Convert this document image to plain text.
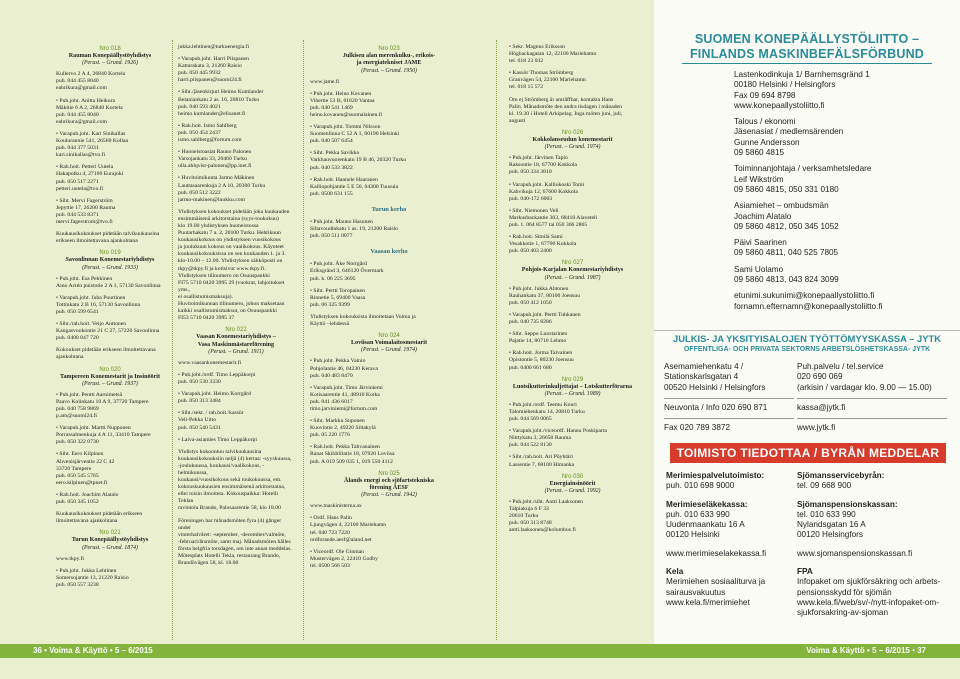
Nro 018
Rauman Konepäällystöyhdistys
(Perust. – Grund. 1926)

Kullervo 2 A 4, 26840 Kortela

puh. 044 455 8040

eahrikura@gmail.com

• Puh.joht. Anitta Heikura

Mäkitie 6 A 2, 26840 Kortela

puh. 044 455 8040

eahrikura@gmail.com

• Varapuh.joht. Kari Sinikallas

Koulurannie 541, 26560 Kollaa

puh. 044 377 5031

kari.sinikallas@tvo.fi

• Rah.hoit. Petteri Uutela

Hakapolku 4, 27100 Eurajoki

puh. 050 517 2271

petteri.uutela@tvo.fi

• Siht. Mervi Fagerström

Jepyttie 17, 26200 Rauma

puh. 044 533 8371

mervi.fagerstrom@tvo.fi

Kuukausikokoukset pidetään talvikuukausina

erikseen ilmoitettavana ajankohtana

Nro 019
Savonlinnan Konemestariyhdistys
(Perust. – Grund. 1933)

• Puh.joht. Esa Pekkinen

Aino Actén puistotie 2 A 1, 57130 Savonlinna

• Varapuh.joht. Juha Puurtinen

Tottinkatu 2 B 16, 57130 Savonlinna

puh. 050 599 6541

• Siht./rah.hoit. Veijo Anttonen

Kangasvuokontie 21 C 27, 57220 Savonlinna

puh. 0400 847 720

Kokoukset pidetään erikseen ilmoitettavana

ajankohtana

Nro 020
Tampereen Konemestarit ja Insinöörit
(Perust. – Grund. 1937)

• Puh.joht. Pentti Aarnimetsä

Paavo Kolinkatu 10 A 9, 37720 Tampere

puh. 040 758 9869

p.am@suomi24.fi

• Varapuh.joht. Martti Nupponen

Porrassalmenkuja 4 A 11, 33410 Tampere

puh. 050 322 0730

• Siht. Eero Kilpinen

Ahvenisjärventie 22 C 42

33720 Tampere

puh. 050 545 5765

eero.kilpinen@tpnet.fi

• Rah.hoit. Joachim Alatalo

puh. 050 345 1052

Kuukausikokoukset pidetään erikseen

ilmoitettavana ajankohtana

Nro 021
Turun Konepäällystöyhdistys
(Perust. – Grund. 1874)

www.tkpy.fi

• Puh.joht. Jukka Lehtinen

Somersojantie 13, 21220 Raisio

puh. 050 557 3238

jukka.lehtinen@turkuenergia.fi

• Varapuh.joht. Harri Piispanen

Kattarakatu 3, 21260 Raisio

puh. 050 445 9932

harri.piispanen@suomi24.fi

• Siht./jäsenkirjuri Heimo Kumlander

Betaniankatu 2 as. 16, 20810 Turku

puh. 040 593 4021

heimo.kumlander@elisanet.fi

• Rah.hoit. Ismo Sahlberg

puh. 050 454 2437

ismo.sahlberg@fortum.com

• Huoneistoasiat Rauno Palonen

Varsojankatu 33, 20460 Turku

ulla.ahlqvist-palonen@pp.inet.fi

• Huvitoimikunta Jarmo Mäkinen

Lauttasaarenkuja 2 A 10, 20300 Turku

puh. 050 512 3222

jarmo-makinen@luukku.com

Yhdistyksen kokoukset pidetään joka kuukauden

ensimmäisenä arkitorstaina (syys-toukokuu)

klo 19.00 yhdistyksen huoneistossa

Puutarhakatu 7 a. 2, 20100 Turku. Hehtikuun

kuukausikokous on yhdistyksen vuosikokous

ja joulukuun kokous on vaalikokous. Käynteet

kuukausikokouksissa on sen kuukauden 1. ja 3.

klo-10.00 – 12.00. Yhdistyksen sähköposti on

tkpy@tkpy.fi ja kotisivut www.tkpy.fi.

Yhdistyksen tilinumero on Osuuspankki

FI75 5710 0420 3995 29 (vuokrat, lahjoitukset yms.,

ei osallistumismaksuja).

Huvitoimikunnan tilinumero, johon maksetaan

kaikki osallistumismaksut, on Osuuspankki

FI53 5710 0420 3995 37

Nro 022
Vaasan Konemestariyhdistys –
Vasa Maskinmästareförening
(Perust. – Grund. 1911)

www.vaasankonemestarit.fi

• Puh.joht./ordf. Timo Leppäkorpi

puh. 050 530 3330

• Varapuh.joht. Heimo Korrgård

puh. 050 313 3484

• Siht./sekr. / rah.hoit./kassör

Veli-Pekka Uitto

puh. 050 540 5431

• Laiva-asiamies Timo Leppäkorpi

Yhdistys kokoontuu talvikuukausina

kuukausikokouksiin neljä (4) kertaa: -syyskuussa,

-joulukuussa, kuukausi/vaalikokous, -helmikuussa,

kuukausi/vuosikokous sekä toukokuussa, em.

kokouskuukausien ensimmäisenä arkitorstaina,

ellei toisin ilmoiteta. Kokouspaikka: Hotelli Teklan

ravintola Brando, Palosaarentie 58, klo 18.00

Föreningen har månadsmöten fyra (4) gånger under

vinterhalvåret: -september, -december/valmöte,

-februari/årsmöte, samt maj. Månadsmöten hålles

första helgfria torsdagen, om inte annat meddelas.

Mötesplats Hotelli Tekla, restaurang Brando,

Brandövägen 58, kl. 18.00

Nro 023
Julkisen alan merenkulku-, erikois-
ja energiatekniset JAME
(Perust. – Grund. 1950)

www.jame.fi

• Puh.joht. Heino Kovanen

Vihertie 53 B, 01620 Vantaa

puh. 040 541 1469

heino.kovanen@suomalainen.fi

• Varapuh.joht. Tommi Nilsson

Suomenlinna C 52 A 1, 00190 Helsinki

puh. 040 507 6454

• Siht. Pekka Savikko

Varkhauvuorenkatu 19 B 46, 20320 Turku

puh. 040 533 3822

• Rah.hoit. Hannele Haaranen

Kalliopohjantie 5 E 50, 04300 Tuusula

puh. 0500 631 155

Turun kerho

• Puh.joht. Mauno Hasunen

Siltavoudinkatu 1 as. 19, 21200 Raisio

puh. 050 511 0077

Vaasan kerho

• Puh.joht. Åke Norrgård

Eriksgränd 3, 646120 Övermark

puh. k. 06 225 3695

• Siht. Pertti Toropainen

Rinnetie 5, 69400 Vaasa

puh. 06 325 9399

Yhdistyksen kokouksista ilmoitetaan Voima ja

Käyttö –lehdessä

Nro 024
Loviisan Voimalaitosmestarit
(Perust. – Grund. 1974)

• Puh.joht. Pekka Vainio

Pohjolantie 46, 04230 Kerava

puh. 040 483 8470

• Varapuh.joht. Timo Järviniemi

Kotisaarentie 41, 48910 Kotka

puh. 041 436 6017

timo.jarviniemi@fortum.com

• Siht. Markku Suponen

Kuovintie 2, 49220 Siltakylä

puh. 05 220 1776

• Rah.hoit. Pekka Tahvanainen

Ranat Skildrilintie 18, 07920 Loviisa

puh. A 019 509 035 1, 019 550 4112

Nro 025
Ålands energi och sjöfartstekniska
förening ÅESF
(Perust. – Grund. 1942)

www.maskinisterna.ax

• Ordf. Hans Palin

Ljungvägen 4, 22100 Mariehamn

tel. 040 723 7220

ordforande.aesf@aland.net

• Viceordf. Ole Ginman

Mustervägen 2, 22410 Godby

tel. 0500 566 503

• Sekr. Magnus Eriksson

Högbackagatan 12, 22100 Mariehamn

tel. 018 23 032

• Kassör Thomas Strömberg

Granvägen 54, 22100 Mariehamn

tel. 018 15 572

Om ej Strömberg är anträffbar, kontakta Hans

Palin. Månadsmöte den andra tisdagen i månaden

kl. 19.30 i Hotell Arkipelag. Inga möten juni, juli,

augusti

Nro 026
Kokkolanseudun konemestarit
(Perust. – Grund. 1974)

• Puh.joht. Järvinen Tapio

Raksontie 18, 67700 Kokkola

puh. 050 334 3810

• Varapuh.joht. Kalliokoski Tomi

Kahvikuja 12, 67600 Kokkola

puh. 040-172 6003

• Siht. Niemonen Veli

Markusbackantie 303, 68410 Alaveteli

puh. 1. 064 8577 tai 050 366 2805

• Rah.hoit. Similä Sami

Vesakkotie 1, 67700 Kokkola

puh. 050 403 2400

Nro 027
Pohjois-Karjalan Konemestariyhdistys
(Perust. – Grund. 1987)

• Puh.joht. Jukka Ahtonen

Rauhankatu 37, 80100 Joensuu

puh. 050 412 1050

• Varapuh.joht. Pertti Tuhkanen

puh. 040 735 8286

• Siht. Seppo Luostarinen

Pajatie 14, 80710 Lehmo

• Rah.hoit. Jorma Taivainen

Opistontie 5, 80230 Joensuu

puh. 0400 661 680

Nro 029
Luotsikutterinkuljettajat – Lotskutterförarna
(Perust. – Grund. 1989)

• Puh.joht./ordf. Teemu Kouri

Talomiehenkatu 14, 20810 Turku

puh. 044 569 0065

• Varapuh.joht./viceordf. Hannu Poskiparta

Niittykatu 3, 26650 Rauma

puh. 044 522 8130

• Siht./rah.hoit. Ari Pöyhtäri

Lassentie 7, 68100 Himanka

Nro 030
Energiainsinöörit
(Perust. – Grund. 1992)

• Puh.joht./siht. Antti Laaksonen

Talpiakuja 6 F 33

20610 Turku

puh. 050 313 8748

antti.laaksonen@kolumbus.fi

SUOMEN KONEPÄÄLLYSTÖLIITTO –
FINLANDS MASKINBEFÄLSFÖRBUND

Lastenkodinkuja 1/ Barnhemsgränd 1

00180 Helsinki / Helsingfors

Fax 09 694 8798

www.konepaallystoliitto.fi

Talous / ekonomi

Jäsenasiat / medlemsärenden

Gunne Andersson

09 5860 4815

Toiminnanjohtaja / verksamhetsledare

Leif Wikström

09 5860 4815, 050 331 0180

Asiamiehet – ombudsmän

Joachim Alatalo

09 5860 4812, 050 345 1052

Päivi Saarinen

09 5860 4811, 040 525 7805

Sami Uolamo

09 5860 4813, 043 824 3099

etunimi.sukunimi@konepaallystoliitto.fi

fornamn.efternamn@konepaallystoliitto.fi

JULKIS- JA YKSITYISALOJEN TYÖTTÖMYYSKASSA – JYTK
OFFENTLIGA- OCH PRIVATA SEKTORNS ARBETSLÖSHETSKASSA- JYTK

Asemamiehenkatu 4 /

Stationskarlsgatan 4

00520 Helsinki / Helsingfors

Neuvonta / Info 020 690 871

Fax 020 789 3872

Puh.palvelu / tel.service

020 690 069

(arkisin / vardagar klo. 9.00 — 15.00)

kassa@jytk.fi

www.jytk.fi

TOIMISTO TIEDOTTAA / BYRÅN MEDDELAR

Merimiespalvelutoimisto:

puh. 010 698 9000

Merimieseläkekassa:

puh. 010 633 990

Uudenmaankatu 16 A

00120 Helsinki

www.merimieselakekassa.fi

Kela

Merimiehen sosiaaliturva ja sairausvakuutus

www.kela.fi/merimiehet

Sjömansservicebyrån:

tel. 09 668 900

Sjömanspensionskassan:

tel. 010 633 990

Nylandsgatan 16 A

00120 Helsingfors

www.sjomanspensionskassan.fi

FPA

Infopaket om sjukförsäkring och arbets-pensionsskydd för sjömän

www.kela.fi/web/sv/-/nytt-infopaket-om-sjukforsakring-av-sjoman

36 • Voima & Käyttö • 5 – 6/2015	Voima & Käyttö • 5 – 6/2015 • 37
